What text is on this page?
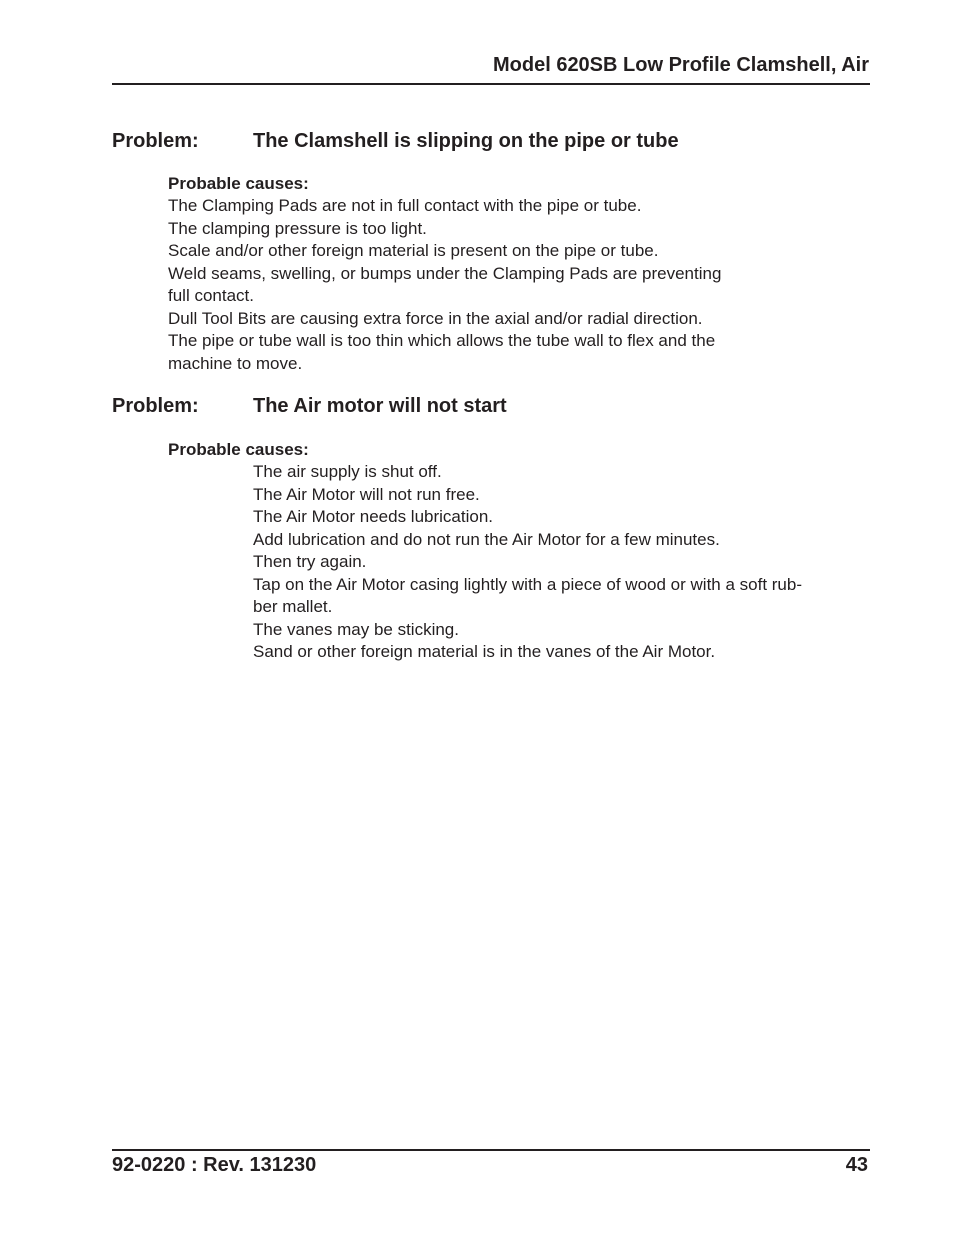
Model 620SB Low Profile Clamshell, Air
Problem:	The Clamshell is slipping on the pipe or tube
Probable causes:
The Clamping Pads are not in full contact with the pipe or tube.
The clamping pressure is too light.
Scale and/or other foreign material is present on the pipe or tube.
Weld seams, swelling, or bumps under the Clamping Pads are preventing
full contact.
Dull Tool Bits are causing extra force in the axial and/or radial direction.
The pipe or tube wall is too thin which allows the tube wall to flex and the
machine to move.
Problem:	The Air motor will not start
Probable causes:
The air supply is shut off.
The Air Motor will not run free.
The Air Motor needs lubrication.
Add lubrication and do not run the Air Motor for a few minutes.
Then try again.
Tap on the Air Motor casing lightly with a piece of wood or with a soft rub-
ber mallet.
The vanes may be sticking.
Sand or other foreign material is in the vanes of the Air Motor.
92-0220 : Rev. 131230	43
